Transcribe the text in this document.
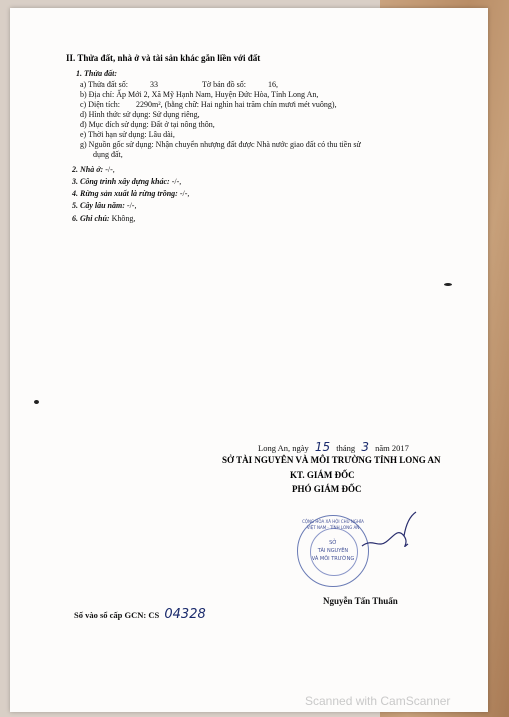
II. Thửa đất, nhà ở và tài sản khác gắn liền với đất
1. Thửa đất:
a) Thửa đất số:	33	Tờ bản đồ số:	16,
b) Địa chỉ: Ấp Mới 2, Xã Mỹ Hạnh Nam, Huyện Đức Hòa, Tỉnh Long An,
c) Diện tích: 2290m², (bằng chữ: Hai nghìn hai trăm chín mươi mét vuông),
d) Hình thức sử dụng: Sử dụng riêng,
đ) Mục đích sử dụng: Đất ở tại nông thôn,
e) Thời hạn sử dụng: Lâu dài,
g) Nguồn gốc sử dụng: Nhận chuyển nhượng đất được Nhà nước giao đất có thu tiền sử
dụng đất,
2. Nhà ở: -/-,
3. Công trình xây dựng khác: -/-,
4. Rừng sản xuất là rừng trồng: -/-,
5. Cây lâu năm: -/-,
6. Ghi chú: Không,
Long An, ngày 15 tháng 3 năm 2017
SỞ TÀI NGUYÊN VÀ MÔI TRƯỜNG TỈNH LONG AN
KT. GIÁM ĐỐC
PHÓ GIÁM ĐỐC
CỘNG HÒA XÃ HỘI CHỦ NGHĨA VIỆT NAM · TỈNH LONG AN
SỞ
TÀI NGUYÊN
VÀ MÔI TRƯỜNG
Nguyễn Tấn Thuấn
Số vào sổ cấp GCN: CS 04328
Scanned with CamScanner
